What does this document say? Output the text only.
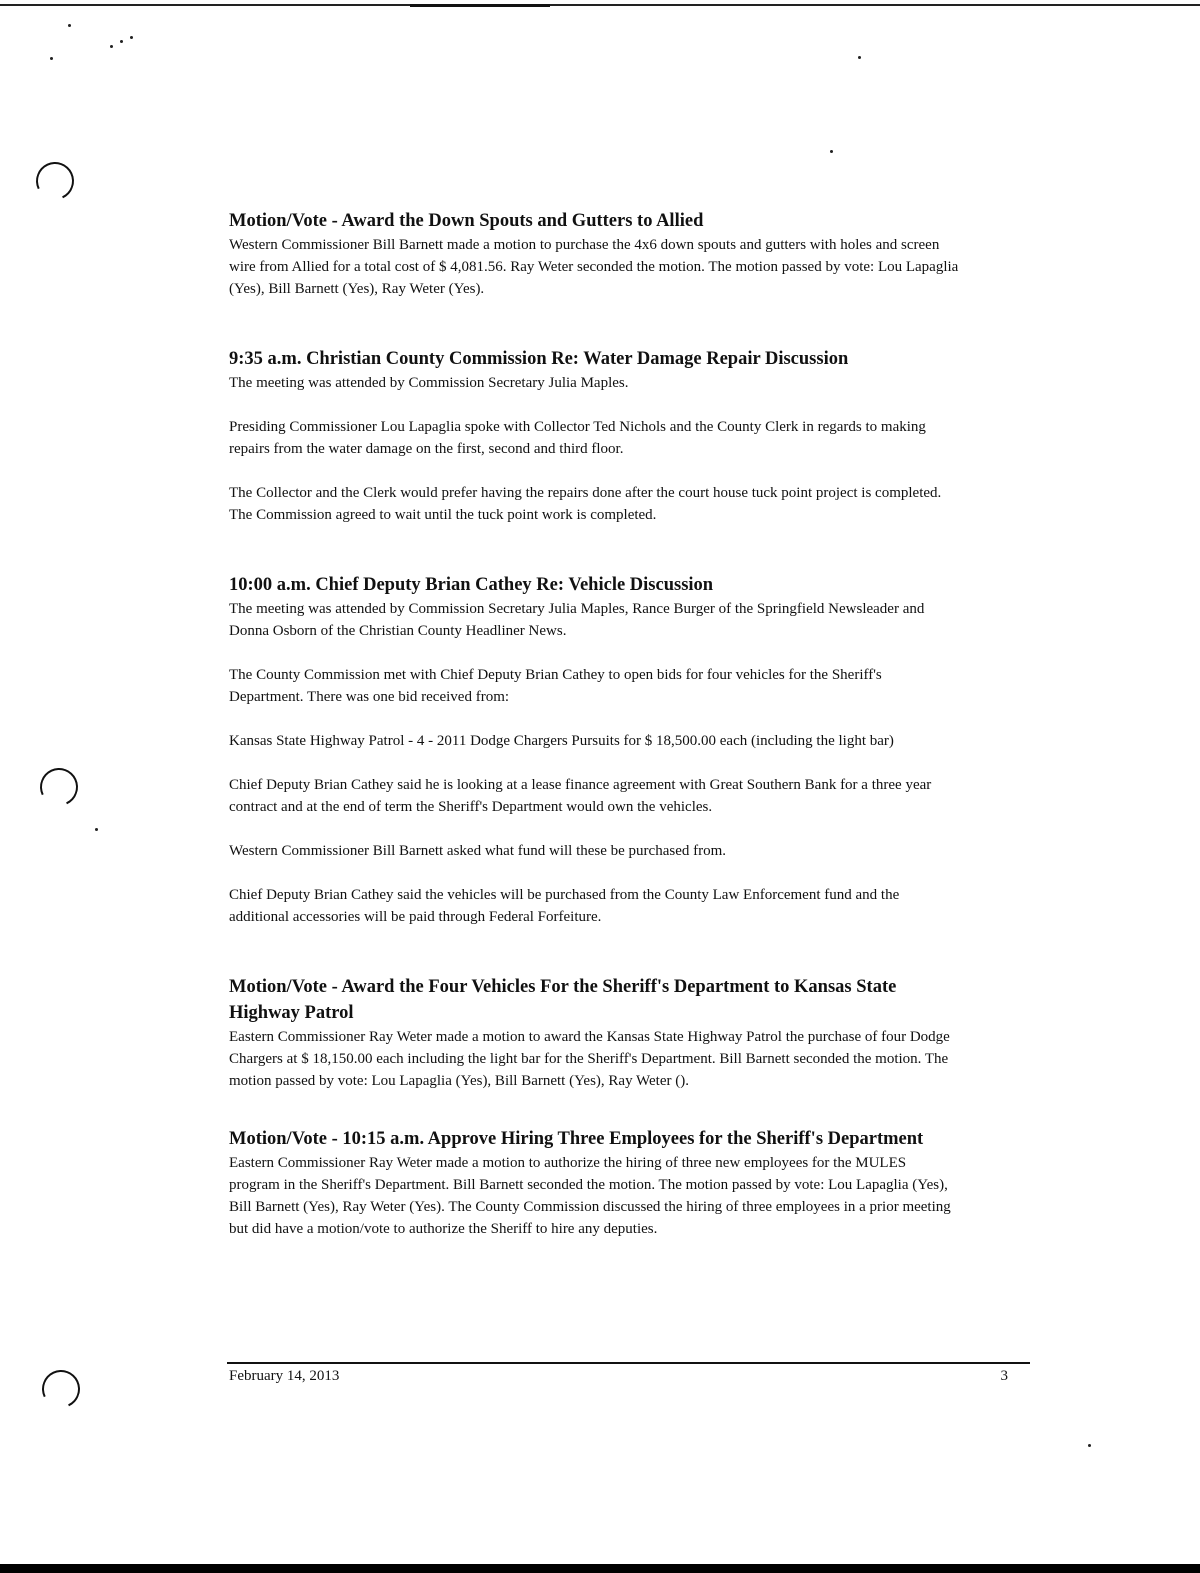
Motion/Vote - Award the Down Spouts and Gutters to Allied

Western Commissioner Bill Barnett made a motion to purchase the 4x6 down spouts and gutters with holes and screen wire from Allied for a total cost of $ 4,081.56. Ray Weter seconded the motion. The motion passed by vote: Lou Lapaglia (Yes), Bill Barnett (Yes), Ray Weter (Yes).

9:35 a.m. Christian County Commission Re: Water Damage Repair Discussion

The meeting was attended by Commission Secretary Julia Maples.

Presiding Commissioner Lou Lapaglia spoke with Collector Ted Nichols and the County Clerk in regards to making repairs from the water damage on the first, second and third floor.

The Collector and the Clerk would prefer having the repairs done after the court house tuck point project is completed. The Commission agreed to wait until the tuck point work is completed.

10:00 a.m. Chief Deputy Brian Cathey Re: Vehicle Discussion

The meeting was attended by Commission Secretary Julia Maples, Rance Burger of the Springfield Newsleader and Donna Osborn of the Christian County Headliner News.

The County Commission met with Chief Deputy Brian Cathey to open bids for four vehicles for the Sheriff's Department. There was one bid received from:

Kansas State Highway Patrol - 4 - 2011 Dodge Chargers Pursuits for $ 18,500.00 each (including the light bar)

Chief Deputy Brian Cathey said he is looking at a lease finance agreement with Great Southern Bank for a three year contract and at the end of term the Sheriff's Department would own the vehicles.

Western Commissioner Bill Barnett asked what fund will these be purchased from.

Chief Deputy Brian Cathey said the vehicles will be purchased from the County Law Enforcement fund and the additional accessories will be paid through Federal Forfeiture.

Motion/Vote - Award the Four Vehicles For the Sheriff's Department to Kansas State Highway Patrol

Eastern Commissioner Ray Weter made a motion to award the Kansas State Highway Patrol the purchase of four Dodge Chargers at $ 18,150.00 each including the light bar for the Sheriff's Department. Bill Barnett seconded the motion. The motion passed by vote: Lou Lapaglia (Yes), Bill Barnett (Yes), Ray Weter ().

Motion/Vote - 10:15 a.m. Approve Hiring Three Employees for the Sheriff's Department

Eastern Commissioner Ray Weter made a motion to authorize the hiring of three new employees for the MULES program in the Sheriff's Department. Bill Barnett seconded the motion. The motion passed by vote: Lou Lapaglia (Yes), Bill Barnett (Yes), Ray Weter (Yes). The County Commission discussed the hiring of three employees in a prior meeting but did have a motion/vote to authorize the Sheriff to hire any deputies.

February 14, 2013	3
